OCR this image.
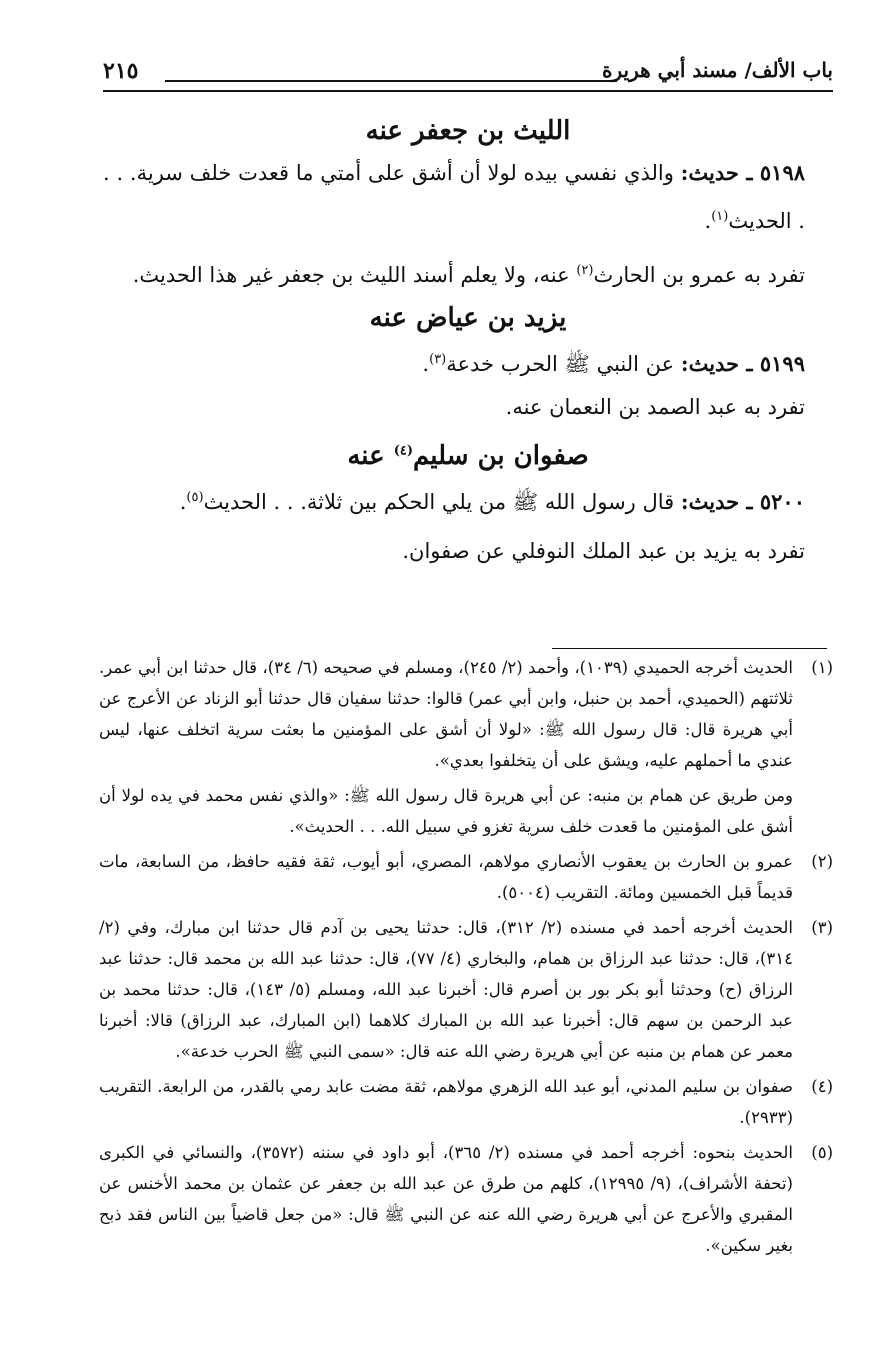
باب الألف/ مسند أبي هريرة
٢١٥
الليث بن جعفر عنه

٥١٩٨ ـ حديث: والذي نفسي بيده لولا أن أشق على أمتي ما قعدت خلف سرية. . . . الحديث$^{(١)}$.

تفرد به عمرو بن الحارث$^{(٢)}$ عنه، ولا يعلم أسند الليث بن جعفر غير هذا الحديث.

يزيد بن عياض عنه

٥١٩٩ ـ حديث: عن النبي ﷺ الحرب خدعة$^{(٣)}$.

تفرد به عبد الصمد بن النعمان عنه.

صفوان بن سليم$^{(٤)}$ عنه

٥٢٠٠ ـ حديث: قال رسول الله ﷺ من يلي الحكم بين ثلاثة. . . الحديث$^{(٥)}$.

تفرد به يزيد بن عبد الملك النوفلي عن صفوان.

(١)
الحديث أخرجه الحميدي (١٠٣٩)، وأحمد (٢/ ٢٤٥)، ومسلم في صحيحه (٦/ ٣٤)، قال حدثنا ابن أبي عمر. ثلاثتهم (الحميدي، أحمد بن حنبل، وابن أبي عمر) قالوا: حدثنا سفيان قال حدثنا أبو الزناد عن الأعرج عن أبي هريرة قال: قال رسول الله ﷺ: «لولا أن أشق على المؤمنين ما بعثت سرية اتخلف عنها، ليس عندي ما أحملهم عليه، ويشق على أن يتخلفوا بعدي».
ومن طريق عن همام بن منبه: عن أبي هريرة قال رسول الله ﷺ: «والذي نفس محمد في يده لولا أن أشق على المؤمنين ما قعدت خلف سرية تغزو في سبيل الله. . . الحديث».
(٢)
عمرو بن الحارث بن يعقوب الأنصاري مولاهم، المصري، أبو أيوب، ثقة فقيه حافظ، من السابعة، مات قديماً قبل الخمسين ومائة. التقريب (٥٠٠٤).
(٣)
الحديث أخرجه أحمد في مسنده (٢/ ٣١٢)، قال: حدثنا يحيى بن آدم قال حدثنا ابن مبارك، وفي (٢/ ٣١٤)، قال: حدثنا عبد الرزاق بن همام، والبخاري (٤/ ٧٧)، قال: حدثنا عبد الله بن محمد قال: حدثنا عبد الرزاق (ح) وحدثنا أبو بكر بور بن أصرم قال: أخبرنا عبد الله، ومسلم (٥/ ١٤٣)، قال: حدثنا محمد بن عبد الرحمن بن سهم قال: أخبرنا عبد الله بن المبارك كلاهما (ابن المبارك، عبد الرزاق) قالا: أخبرنا معمر عن همام بن منبه عن أبي هريرة رضي الله عنه قال: «سمى النبي ﷺ الحرب خدعة».
(٤)
صفوان بن سليم المدني، أبو عبد الله الزهري مولاهم، ثقة مضت عابد رمي بالقدر، من الرابعة. التقريب (٢٩٣٣).
(٥)
الحديث بنحوه: أخرجه أحمد في مسنده (٢/ ٣٦٥)، أبو داود في سننه (٣٥٧٢)، والنسائي في الكبرى (تحفة الأشراف)، (٩/ ١٢٩٩٥)، كلهم من طرق عن عبد الله بن جعفر عن عثمان بن محمد الأخنس عن المقبري والأعرج عن أبي هريرة رضي الله عنه عن النبي ﷺ قال: «من جعل قاضياً بين الناس فقد ذبح بغير سكين».
